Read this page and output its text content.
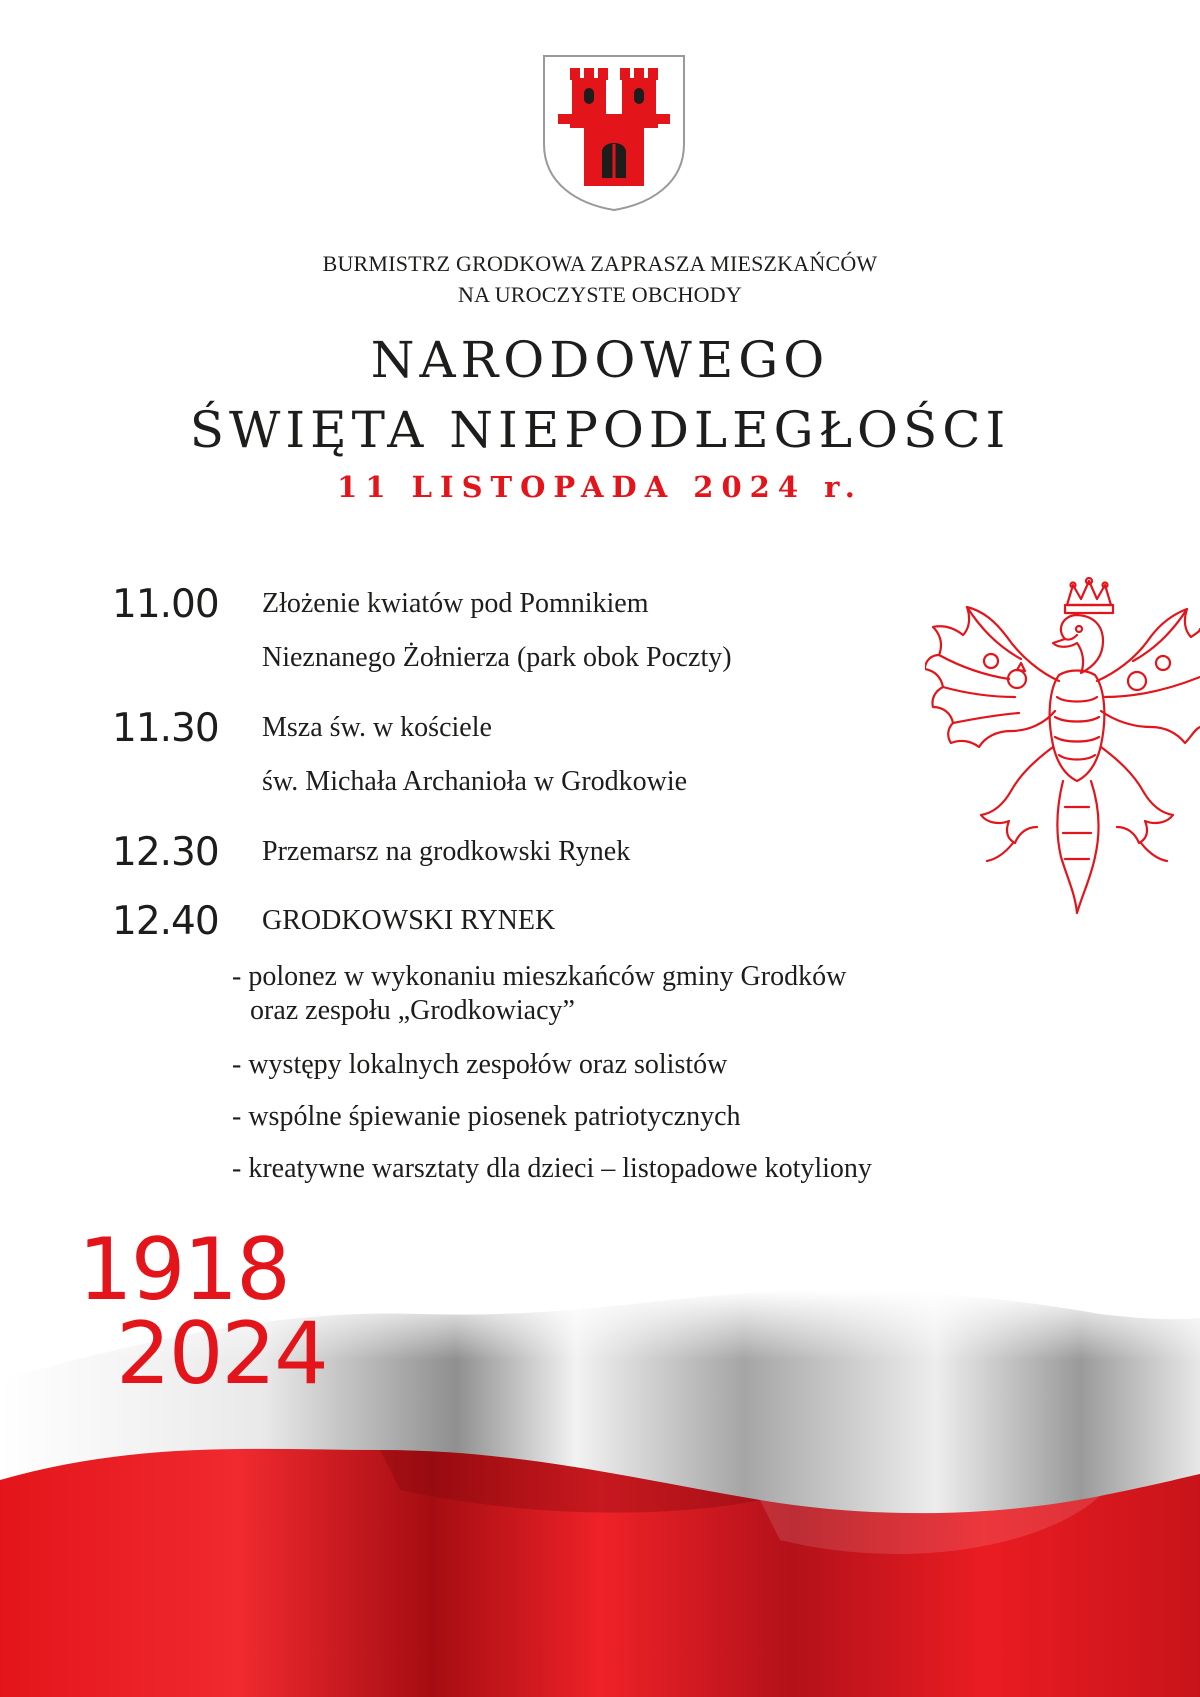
BURMISTRZ GRODKOWA ZAPRASZA MIESZKAŃCÓW
NA UROCZYSTE OBCHODY
NARODOWEGO
ŚWIĘTA NIEPODLEGŁOŚCI
11 LISTOPADA 2024 r.
11.00 Złożenie kwiatów pod Pomnikiem
Nieznanego Żołnierza (park obok Poczty)
11.30 Msza św. w kościele
św. Michała Archanioła w Grodkowie
12.30 Przemarsz na grodkowski Rynek
12.40 GRODKOWSKI RYNEK
- polonez w wykonaniu mieszkańców gminy Grodków
oraz zespołu „Grodkowiacy”
- występy lokalnych zespołów oraz solistów
- wspólne śpiewanie piosenek patriotycznych
- kreatywne warsztaty dla dzieci – listopadowe kotyliony
1918
2024
